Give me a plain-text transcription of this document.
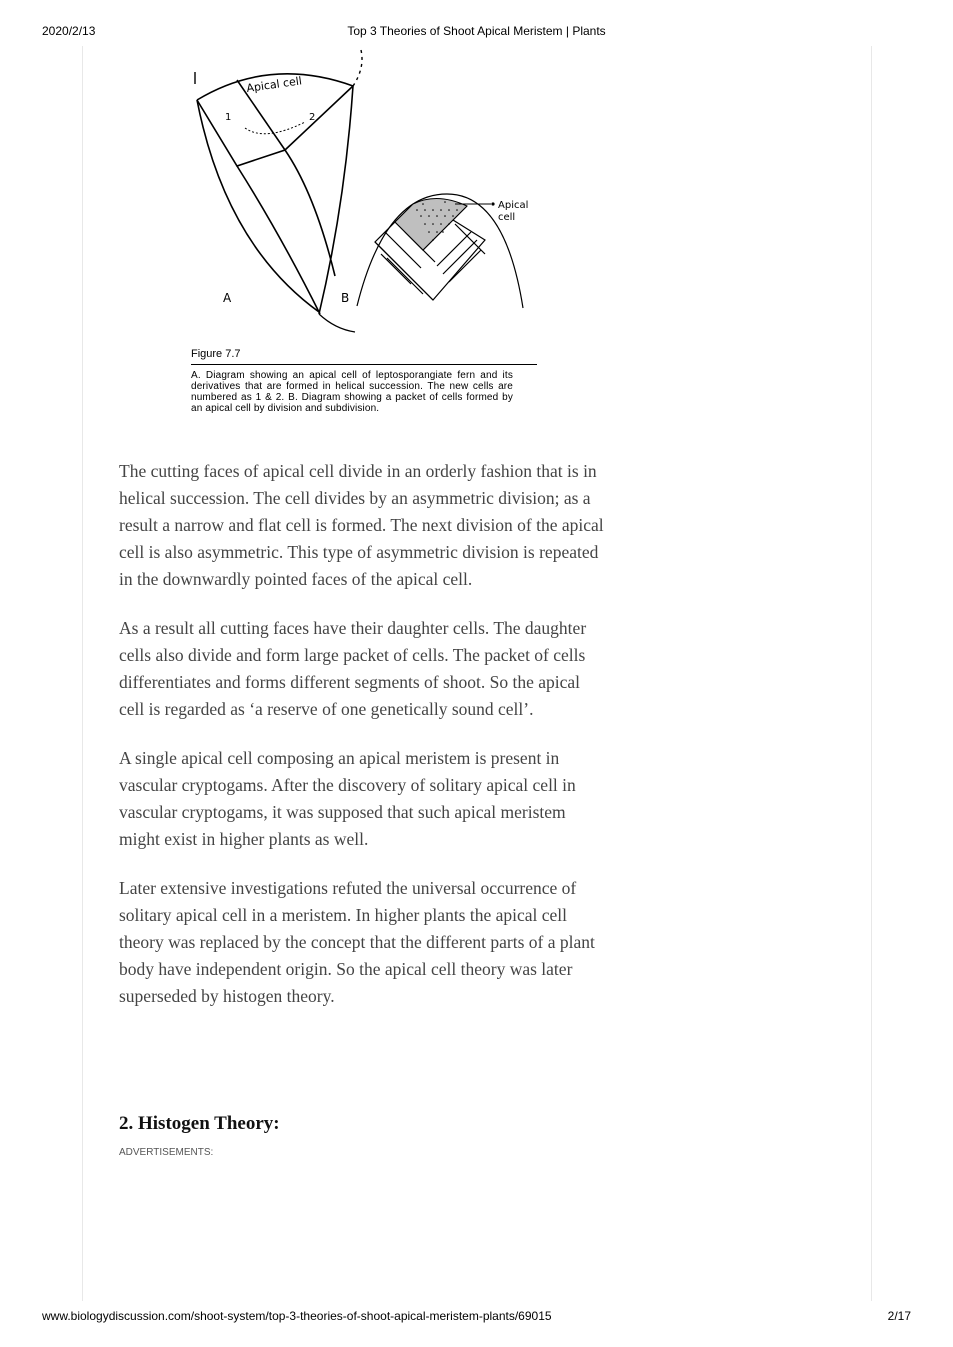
2020/2/13	Top 3 Theories of Shoot Apical Meristem | Plants
Apical cell
1	2
Apical
cell
A	B
Figure 7.7
A. Diagram showing an apical cell of leptosporangiate fern and its derivatives that are formed in helical succession. The new cells are numbered as 1 & 2. B. Diagram showing a packet of cells formed by an apical cell by division and subdivision.

The cutting faces of apical cell divide in an orderly fashion that is in helical succession. The cell divides by an asymmetric division; as a result a narrow and flat cell is formed. The next division of the apical cell is also asymmetric. This type of asymmetric division is repeated in the downwardly pointed faces of the apical cell.

As a result all cutting faces have their daughter cells. The daughter cells also divide and form large packet of cells. The packet of cells differentiates and forms different segments of shoot. So the apical cell is regarded as ‘a reserve of one genetically sound cell’.

A single apical cell composing an apical meristem is present in vascular cryptogams. After the discovery of solitary apical cell in vascular cryptogams, it was supposed that such apical meristem might exist in higher plants as well.

Later extensive investigations refuted the universal occurrence of solitary apical cell in a meristem. In higher plants the apical cell theory was replaced by the concept that the different parts of a plant body have independent origin. So the apical cell theory was later superseded by histogen theory.

2. Histogen Theory:
ADVERTISEMENTS:
www.biologydiscussion.com/shoot-system/top-3-theories-of-shoot-apical-meristem-plants/69015	2/17
